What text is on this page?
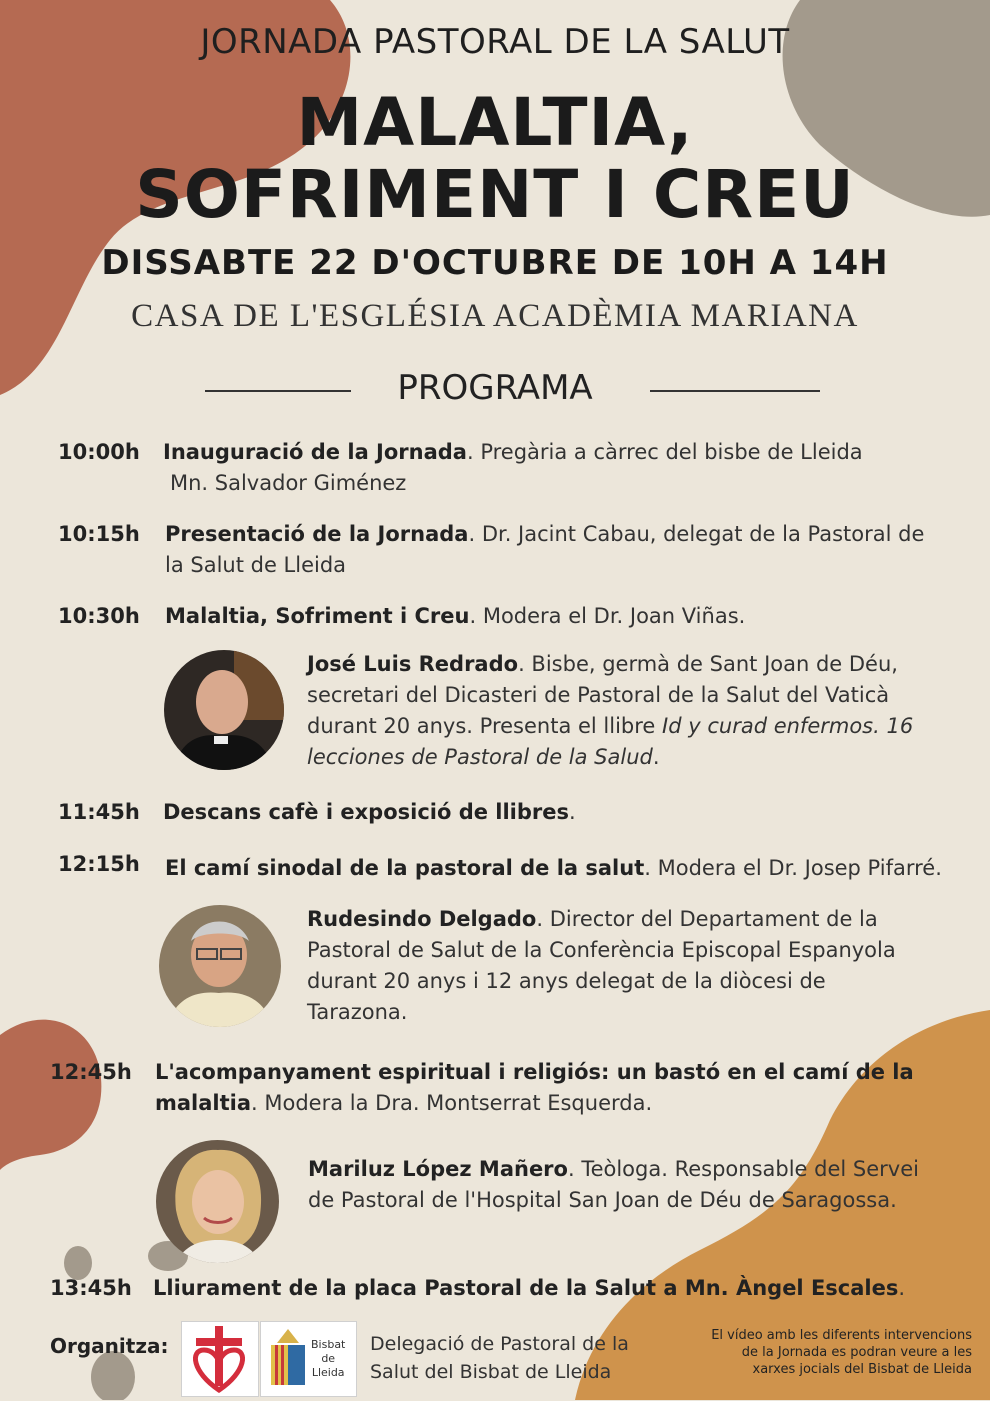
JORNADA PASTORAL DE LA SALUT
MALALTIA,
SOFRIMENT I CREU
DISSABTE 22 D'OCTUBRE DE 10H A 14H
CASA DE L'ESGLÉSIA ACADÈMIA MARIANA
PROGRAMA
10:00h Inauguració de la Jornada. Pregària a càrrec del bisbe de Lleida
Mn. Salvador Giménez
10:15h Presentació de la Jornada. Dr. Jacint Cabau, delegat de la Pastoral de
la Salut de Lleida
10:30h Malaltia, Sofriment i Creu. Modera el Dr. Joan Viñas.
José Luis Redrado. Bisbe, germà de Sant Joan de Déu,
secretari del Dicasteri de Pastoral de la Salut del Vaticà
durant 20 anys. Presenta el llibre Id y curad enfermos. 16
lecciones de Pastoral de la Salud.
11:45h Descans cafè i exposició de llibres.
12:15h El camí sinodal de la pastoral de la salut. Modera el Dr. Josep Pifarré.
Rudesindo Delgado. Director del Departament de la
Pastoral de Salut de la Conferència Episcopal Espanyola
durant 20 anys i 12 anys delegat de la diòcesi de
Tarazona.
12:45h L'acompanyament espiritual i religiós: un bastó en el camí de la
malaltia. Modera la Dra. Montserrat Esquerda.
Mariluz López Mañero. Teòloga. Responsable del Servei
de Pastoral de l'Hospital San Joan de Déu de Saragossa.
13:45h Lliurament de la placa Pastoral de la Salut a Mn. Àngel Escales.
Organitza:	Bisbat
de
Lleida
Delegació de Pastoral de la
Salut del Bisbat de Lleida
El vídeo amb les diferents intervencions
de la Jornada es podran veure a les
xarxes jocials del Bisbat de Lleida
